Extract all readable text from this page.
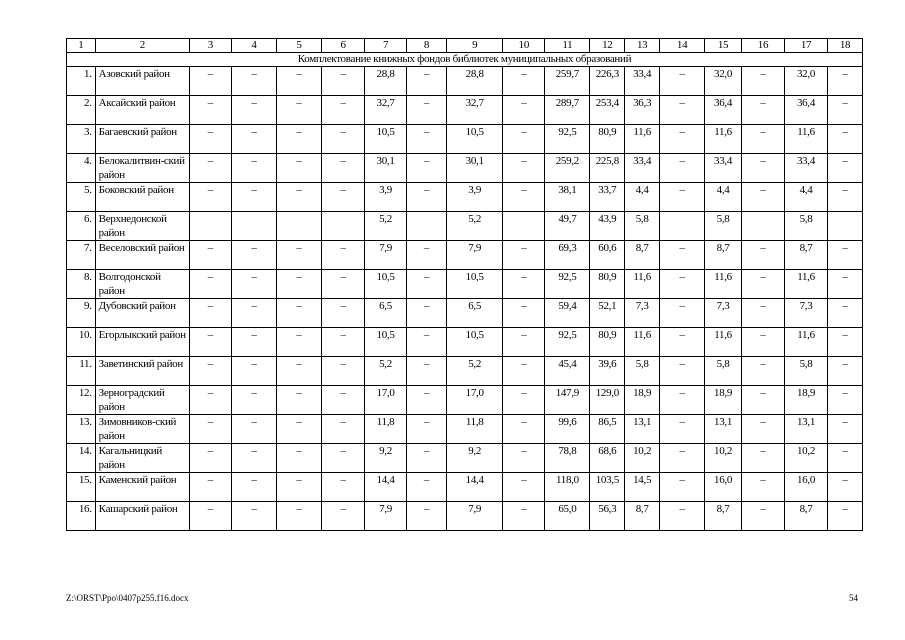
1	2	3	4	5	6	7	8	9	10	11	12	13	14	15	16	17	18
Комплектование книжных фондов библиотек муниципальных образований																	
1.	Азовский район	–	–	–	–	28,8	–	28,8	–	259,7	226,3	33,4	–	32,0	–	32,0	–
2.	Аксайский район	–	–	–	–	32,7	–	32,7	–	289,7	253,4	36,3	–	36,4	–	36,4	–
3.	Багаевский район	–	–	–	–	10,5	–	10,5	–	92,5	80,9	11,6	–	11,6	–	11,6	–
4.	Белокалитвин-ский район	–	–	–	–	30,1	–	30,1	–	259,2	225,8	33,4	–	33,4	–	33,4	–
5.	Боковский район	–	–	–	–	3,9	–	3,9	–	38,1	33,7	4,4	–	4,4	–	4,4	–
6.	Верхнедонской район					5,2		5,2		49,7	43,9	5,8		5,8		5,8	
7.	Веселовский район	–	–	–	–	7,9	–	7,9	–	69,3	60,6	8,7	–	8,7	–	8,7	–
8.	Волгодонской район	–	–	–	–	10,5	–	10,5	–	92,5	80,9	11,6	–	11,6	–	11,6	–
9.	Дубовский район	–	–	–	–	6,5	–	6,5	–	59,4	52,1	7,3	–	7,3	–	7,3	–
10.	Егорлыкский район	–	–	–	–	10,5	–	10,5	–	92,5	80,9	11,6	–	11,6	–	11,6	–
11.	Заветинский район	–	–	–	–	5,2	–	5,2	–	45,4	39,6	5,8	–	5,8	–	5,8	–
12.	Зерноградский район	–	–	–	–	17,0	–	17,0	–	147,9	129,0	18,9	–	18,9	–	18,9	–
13.	Зимовников-ский район	–	–	–	–	11,8	–	11,8	–	99,6	86,5	13,1	–	13,1	–	13,1	–
14.	Кагальницкий район	–	–	–	–	9,2	–	9,2	–	78,8	68,6	10,2	–	10,2	–	10,2	–
15.	Каменский район	–	–	–	–	14,4	–	14,4	–	118,0	103,5	14,5	–	16,0	–	16,0	–
16.	Кашарский район	–	–	–	–	7,9	–	7,9	–	65,0	56,3	8,7	–	8,7	–	8,7	–
Z:\ORST\Ppo\0407p255.f16.docx	54
